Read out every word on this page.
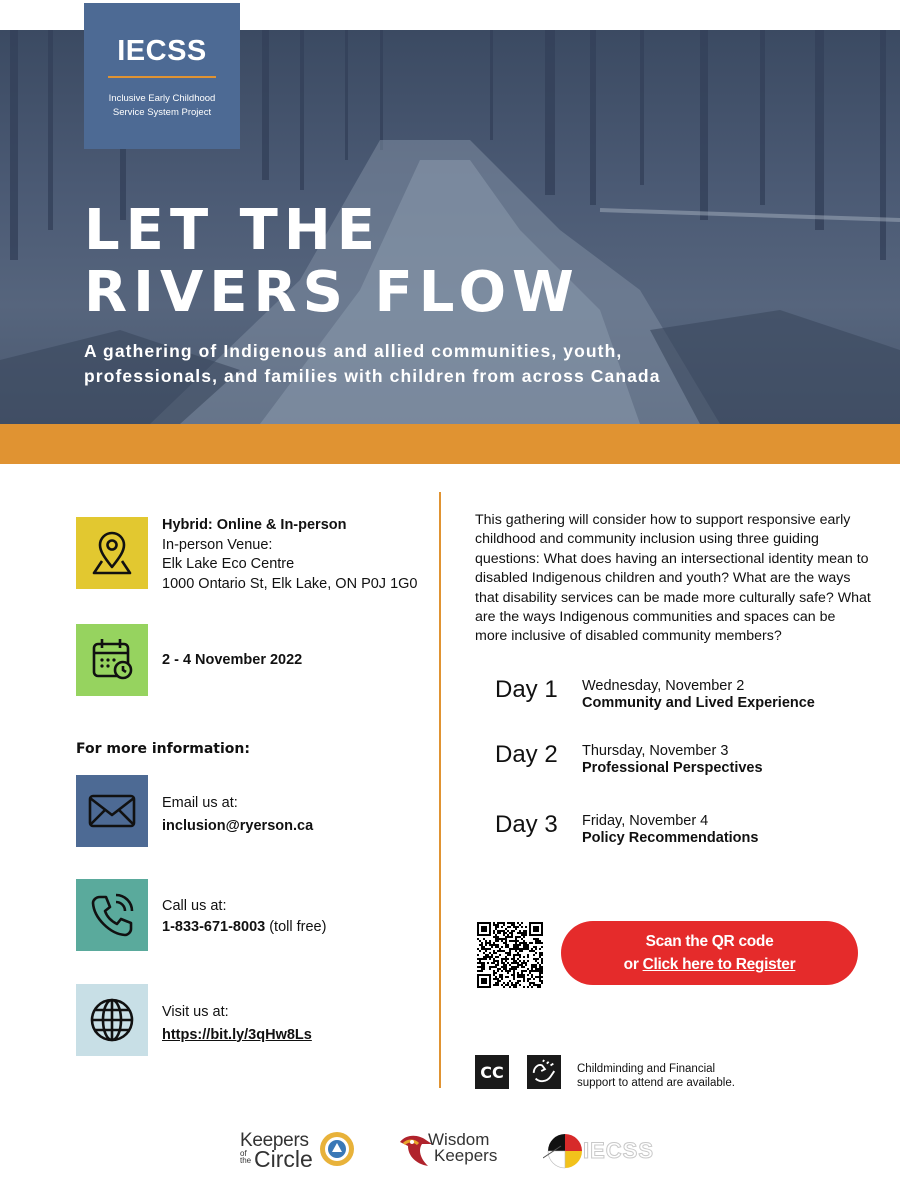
IECSS
Inclusive Early Childhood
Service System Project
LET THE
RIVERS FLOW
A gathering of Indigenous and allied communities, youth,
professionals, and families with children from across Canada
Hybrid: Online & In-person
In-person Venue:
Elk Lake Eco Centre
1000 Ontario St, Elk Lake, ON P0J 1G0
2 - 4 November 2022
For more information:
Email us at:
inclusion@ryerson.ca
Call us at:
1-833-671-8003 (toll free)
Visit us at:
https://bit.ly/3qHw8Ls
This gathering will consider how to support responsive early childhood and community inclusion using three guiding questions: What does having an intersectional identity mean to disabled Indigenous children and youth? What are the ways that disability services can be made more culturally safe? What are the ways Indigenous communities and spaces can be more inclusive of disabled community members?
Day 1 Wednesday, November 2
Community and Lived Experience
Day 2 Thursday, November 3
Professional Perspectives
Day 3 Friday, November 4
Policy Recommendations
Scan the QR code
or Click here to Register
CC	Childminding and Financial
support to attend are available.
Keepers
of
the Circle
Wisdom
Keepers	IECSS
